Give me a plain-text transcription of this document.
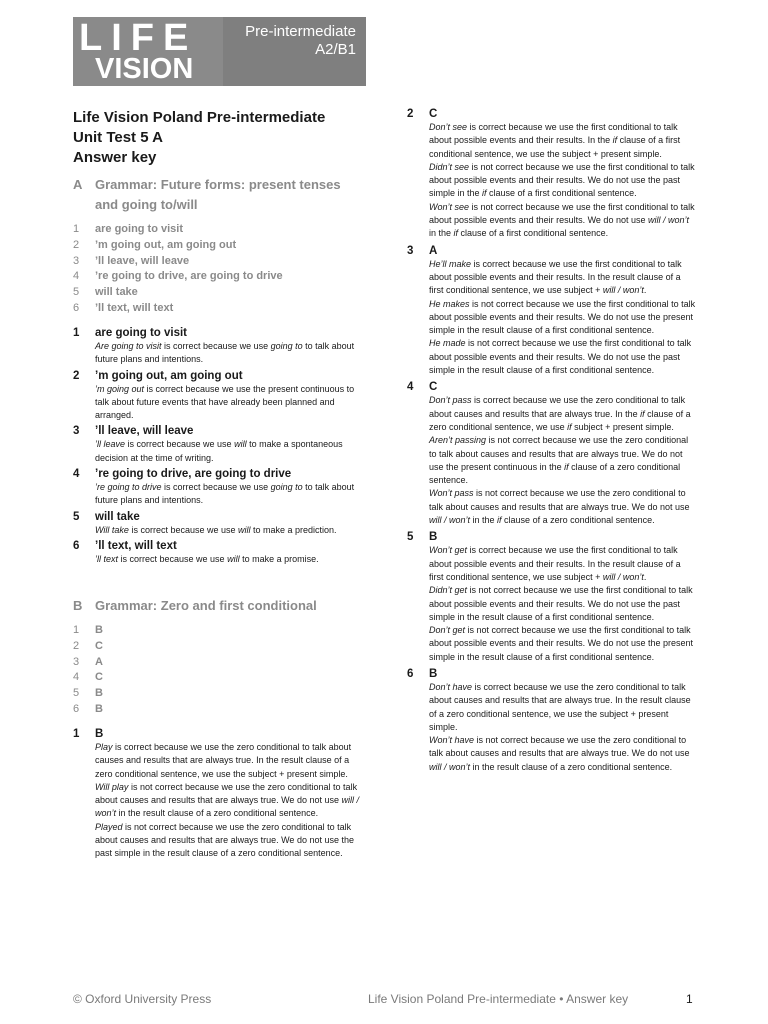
LIFE
VISION
Pre-intermediate
A2/B1
Life Vision Poland Pre-intermediate
Unit Test 5 A
Answer key
A Grammar: Future forms: present tenses and going to/will
1 are going to visit
2 ’m going out, am going out
3 ’ll leave, will leave
4 ’re going to drive, are going to drive
5 will take
6 ’ll text, will text
1 are going to visit

Are going to visit is correct because we use going to to talk about future plans and intentions.

2 ’m going out, am going out

’m going out is correct because we use the present continuous to talk about future events that have already been planned and arranged.

3 ’ll leave, will leave

’ll leave is correct because we use will to make a spontaneous decision at the time of writing.

4 ’re going to drive, are going to drive

’re going to drive is correct because we use going to to talk about future plans and intentions.

5 will take

Will take is correct because we use will to make a prediction.

6 ’ll text, will text

’ll text is correct because we use will to make a promise.

B Grammar: Zero and first conditional
1 B
2 C
3 A
4 C
5 B
6 B
1 B

Play is correct because we use the zero conditional to talk about causes and results that are always true. In the result clause of a zero conditional sentence, we use the subject + present simple.

Will play is not correct because we use the zero conditional to talk about causes and results that are always true. We do not use will / won’t in the result clause of a zero conditional sentence.

Played is not correct because we use the zero conditional to talk about causes and results that are always true. We do not use the past simple in the result clause of a zero conditional sentence.

2 C

Don’t see is correct because we use the first conditional to talk about possible events and their results. In the if clause of a first conditional sentence, we use the subject + present simple.

Didn’t see is not correct because we use the first conditional to talk about possible events and their results. We do not use the past simple in the if clause of a first conditional sentence.

Won’t see is not correct because we use the first conditional to talk about possible events and their results. We do not use will / won’t in the if clause of a first conditional sentence.

3 A

He’ll make is correct because we use the first conditional to talk about possible events and their results. In the result clause of a first conditional sentence, we use subject + will / won’t.

He makes is not correct because we use the first conditional to talk about possible events and their results. We do not use the present simple in the result clause of a first conditional sentence.

He made is not correct because we use the first conditional to talk about possible events and their results. We do not use the past simple in the result clause of a first conditional sentence.

4 C

Don’t pass is correct because we use the zero conditional to talk about causes and results that are always true. In the if clause of a zero conditional sentence, we use if subject + present simple.

Aren’t passing is not correct because we use the zero conditional to talk about causes and results that are always true. We do not use the present continuous in the if clause of a zero conditional sentence.

Won’t pass is not correct because we use the zero conditional to talk about causes and results that are always true. We do not use will / won’t in the if clause of a zero conditional sentence.

5 B

Won’t get is correct because we use the first conditional to talk about possible events and their results. In the result clause of a first conditional sentence, we use subject + will / won’t.

Didn’t get is not correct because we use the first conditional to talk about possible events and their results. We do not use the past simple in the result clause of a first conditional sentence.

Don’t get is not correct because we use the first conditional to talk about possible events and their results. We do not use the present simple in the result clause of a first conditional sentence.

6 B

Don’t have is correct because we use the zero conditional to talk about causes and results that are always true. In the result clause of a zero conditional sentence, we use the subject + present simple.

Won’t have is not correct because we use the zero conditional to talk about causes and results that are always true. We do not use will / won’t in the result clause of a zero conditional sentence.

© Oxford University Press	Life Vision Poland Pre-intermediate • Answer key	1
